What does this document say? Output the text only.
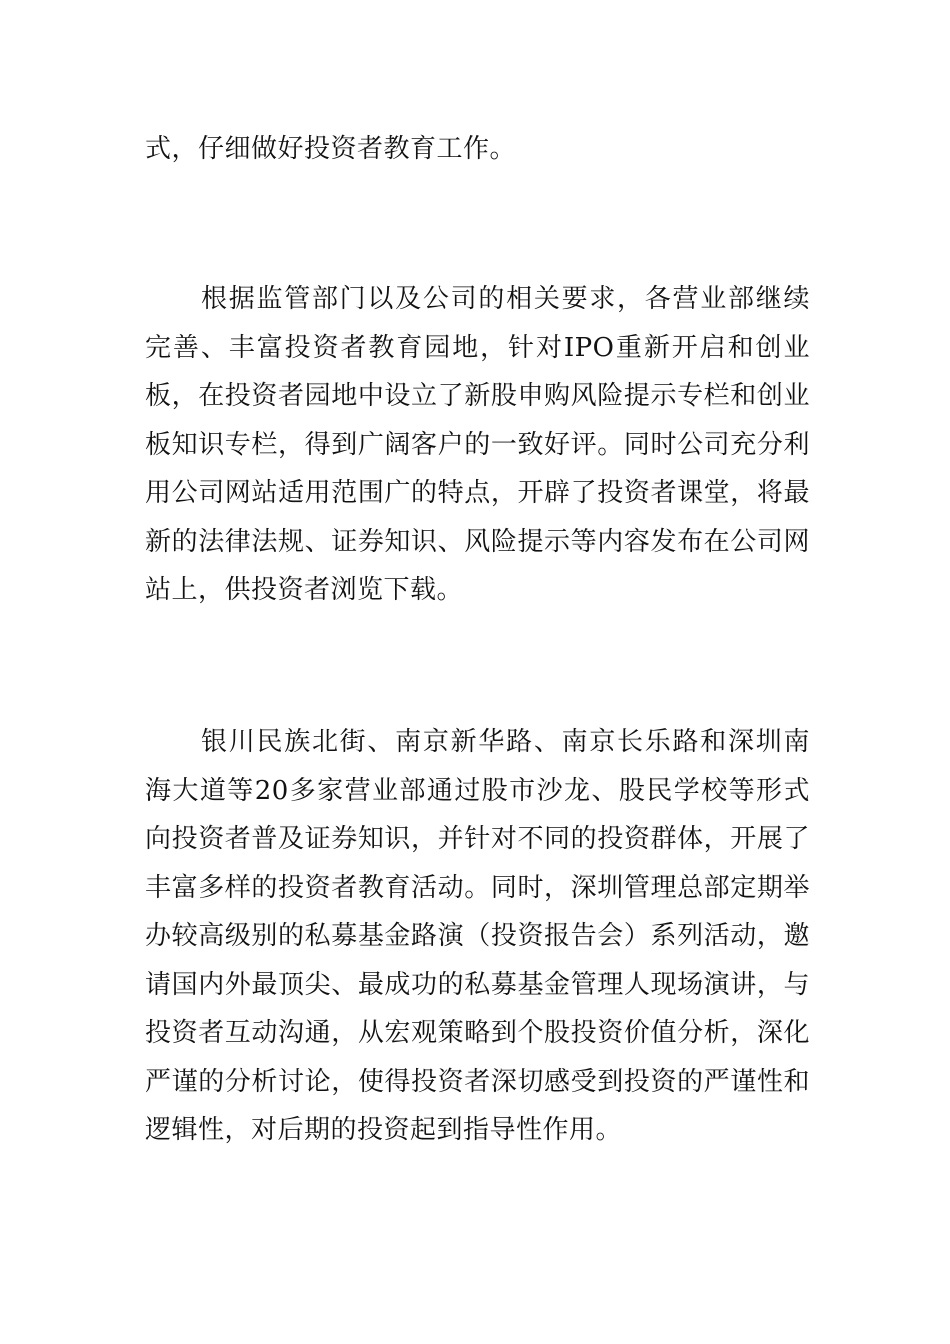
式，仔细做好投资者教育工作。

根据监管部门以及公司的相关要求，各营业部继续完善、丰富投资者教育园地，针对IPO重新开启和创业板，在投资者园地中设立了新股申购风险提示专栏和创业板知识专栏，得到广阔客户的一致好评。同时公司充分利用公司网站适用范围广的特点，开辟了投资者课堂，将最新的法律法规、证券知识、风险提示等内容发布在公司网站上，供投资者浏览下载。

银川民族北街、南京新华路、南京长乐路和深圳南海大道等20多家营业部通过股市沙龙、股民学校等形式向投资者普及证券知识，并针对不同的投资群体，开展了丰富多样的投资者教育活动。同时，深圳管理总部定期举办较高级别的私募基金路演（投资报告会）系列活动，邀请国内外最顶尖、最成功的私募基金管理人现场演讲，与投资者互动沟通，从宏观策略到个股投资价值分析，深化严谨的分析讨论，使得投资者深切感受到投资的严谨性和逻辑性，对后期的投资起到指导性作用。
